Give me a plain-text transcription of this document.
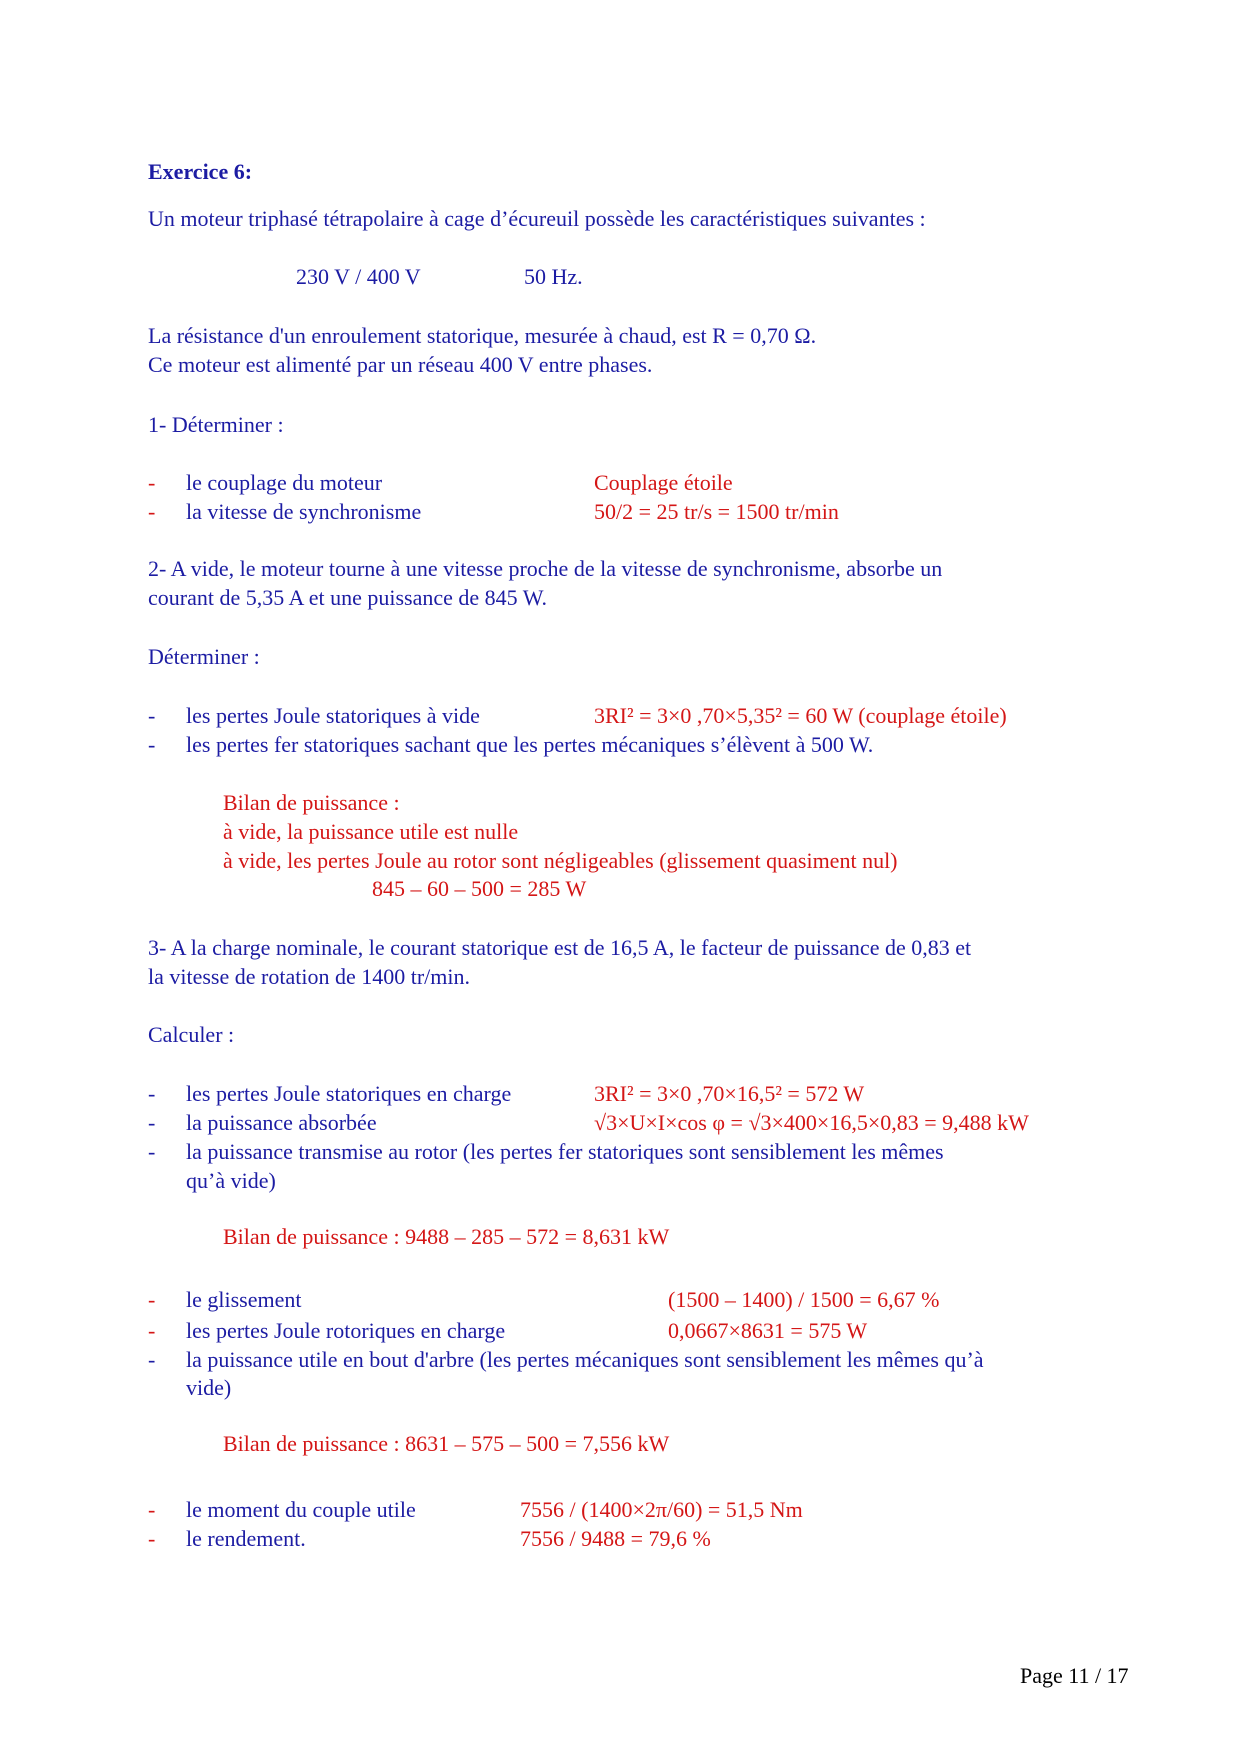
Exercice 6:
Un moteur triphasé tétrapolaire à cage d’écureuil possède les caractéristiques suivantes :
230 V / 400 V	50 Hz.
La résistance d'un enroulement statorique, mesurée à chaud, est R = 0,70 Ω.
Ce moteur est alimenté par un réseau 400 V entre phases.
1- Déterminer :
- le couplage du moteur	Couplage étoile
- la vitesse de synchronisme	50/2 = 25 tr/s = 1500 tr/min
2- A vide, le moteur tourne à une vitesse proche de la vitesse de synchronisme, absorbe un
courant de 5,35 A et une puissance de 845 W.
Déterminer :
- les pertes Joule statoriques à vide	3RI² = 3×0 ,70×5,35² = 60 W (couplage étoile)
- les pertes fer statoriques sachant que les pertes mécaniques s’élèvent à 500 W.
Bilan de puissance :
à vide, la puissance utile est nulle
à vide, les pertes Joule au rotor sont négligeables (glissement quasiment nul)
845 – 60 – 500 = 285 W
3- A la charge nominale, le courant statorique est de 16,5 A, le facteur de puissance de 0,83 et
la vitesse de rotation de 1400 tr/min.
Calculer :
- les pertes Joule statoriques en charge	3RI² = 3×0 ,70×16,5² = 572 W
- la puissance absorbée	√3×U×I×cos φ = √3×400×16,5×0,83 = 9,488 kW
- la puissance transmise au rotor (les pertes fer statoriques sont sensiblement les mêmes
qu’à vide)
Bilan de puissance : 9488 – 285 – 572 = 8,631 kW
- le glissement	(1500 – 1400) / 1500 = 6,67 %
- les pertes Joule rotoriques en charge	0,0667×8631 = 575 W
- la puissance utile en bout d'arbre (les pertes mécaniques sont sensiblement les mêmes qu’à
vide)
Bilan de puissance : 8631 – 575 – 500 = 7,556 kW
- le moment du couple utile	7556 / (1400×2π/60) = 51,5 Nm
- le rendement.	7556 / 9488 = 79,6 %
Page 11 / 17
